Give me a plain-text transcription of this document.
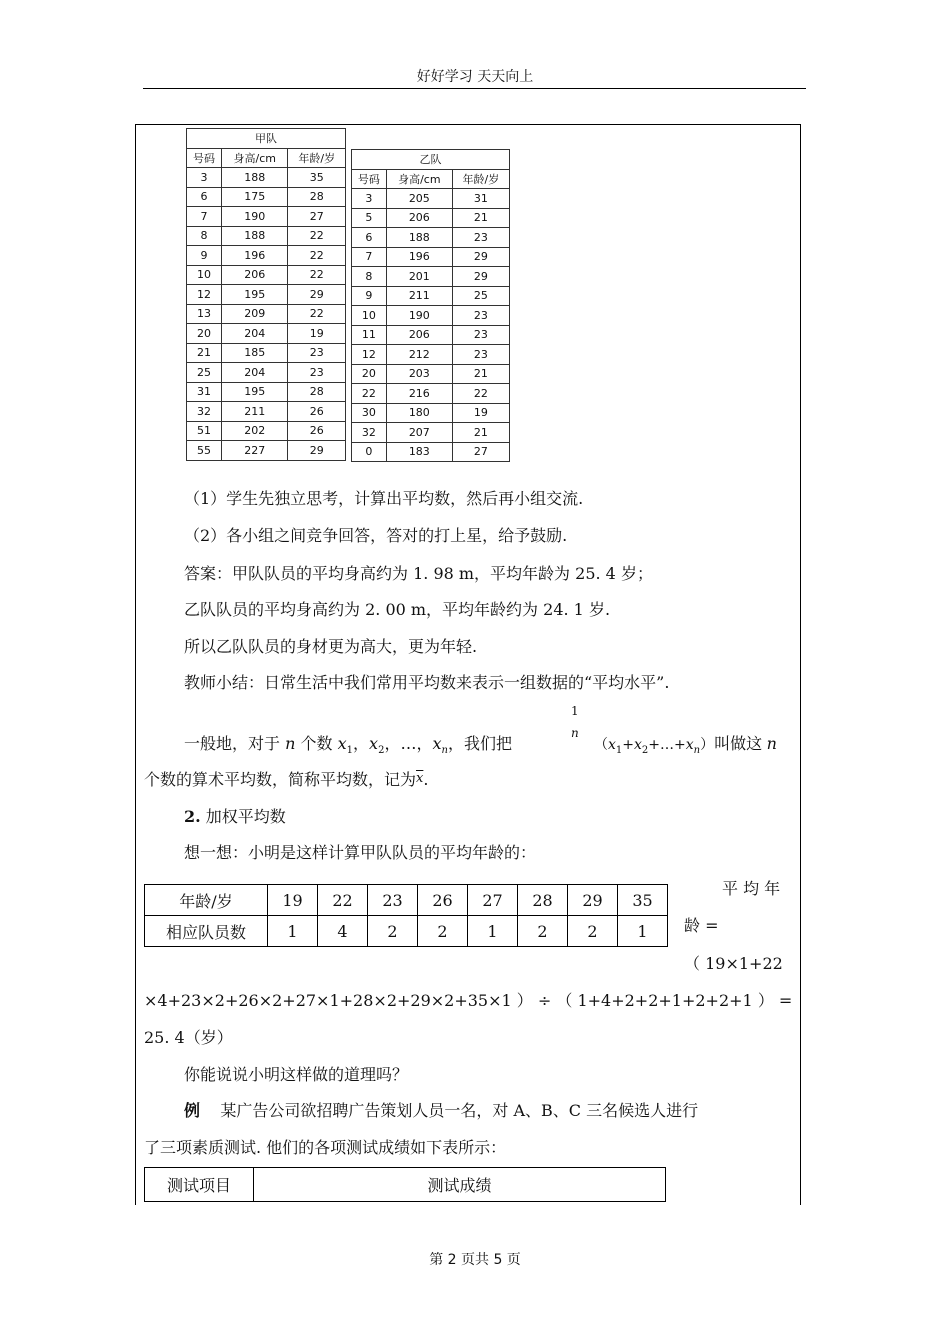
好好学习 天天向上
甲队		
号码	身高/cm	年龄/岁
3	188	35
6	175	28
7	190	27
8	188	22
9	196	22
10	206	22
12	195	29
13	209	22
20	204	19
21	185	23
25	204	23
31	195	28
32	211	26
51	202	26
55	227	29
乙队		
号码	身高/cm	年龄/岁
3	205	31
5	206	21
6	188	23
7	196	29
8	201	29
9	211	25
10	190	23
11	206	23
12	212	23
20	203	21
22	216	22
30	180	19
32	207	21
0	183	27
（1）学生先独立思考，计算出平均数，然后再小组交流.
（2）各小组之间竞争回答，答对的打上星，给予鼓励.
答案：甲队队员的平均身高约为 1. 98 m，平均年龄为 25. 4 岁；
乙队队员的平均身高约为 2. 00 m，平均年龄约为 24. 1 岁.
所以乙队队员的身材更为高大，更为年轻.
教师小结：日常生活中我们常用平均数来表示一组数据的“平均水平”.
一般地，对于 n 个数 $x_1$，$x_2$，…，$x_n$，我们把
1
n
$(x_1+x_2+\dots+x_n)$叫做这 n
个数的算术平均数，简称平均数，记为$\overline{x}$.
2. 加权平均数
想一想：小明是这样计算甲队队员的平均年龄的：
年龄/岁	19	22	23	26	27	28	29	35
相应队员数	1	4	2	2	1	2	2	1
平 均 年
龄 =
（ 19×1+22
×4+23×2+26×2+27×1+28×2+29×2+35×1 ） ÷ （ 1+4+2+2+1+2+2+1 ） =
25. 4（岁）
你能说说小明这样做的道理吗？
例 某广告公司欲招聘广告策划人员一名，对 A、B、C 三名候选人进行
了三项素质测试. 他们的各项测试成绩如下表所示：
测试项目	测试成绩
第 2 页共 5 页
